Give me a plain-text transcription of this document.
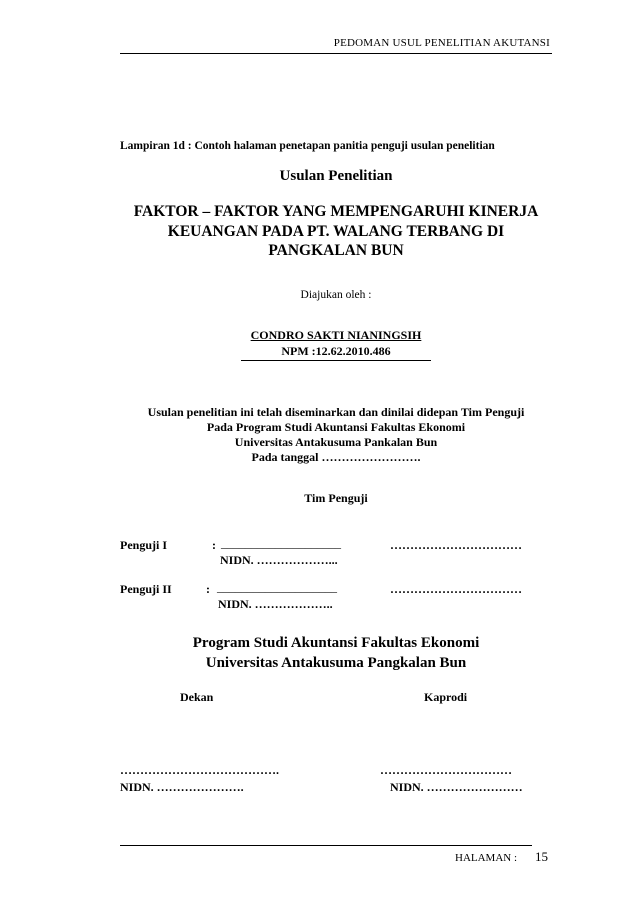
PEDOMAN USUL PENELITIAN AKUTANSI
Lampiran 1d : Contoh halaman penetapan panitia penguji usulan penelitian
Usulan Penelitian
FAKTOR – FAKTOR YANG MEMPENGARUHI KINERJA
KEUANGAN PADA PT. WALANG TERBANG DI
PANGKALAN BUN
Diajukan oleh :
CONDRO SAKTI NIANINGSIH
NPM :12.62.2010.486
Usulan penelitian ini telah diseminarkan dan dinilai didepan Tim Penguji
Pada Program Studi Akuntansi Fakultas Ekonomi
Universitas Antakusuma Pankalan Bun
Pada tanggal …………………….
Tim Penguji
Penguji I	: ____________________	……………………………
NIDN. ………………...
Penguji II	: ____________________	……………………………
NIDN. ………………..
Program Studi Akuntansi Fakultas Ekonomi
Universitas Antakusuma Pangkalan Bun
Dekan	Kaprodi
………………………………….	……………………………
NIDN. ………………….	NIDN. ……………………
HALAMAN : 15
